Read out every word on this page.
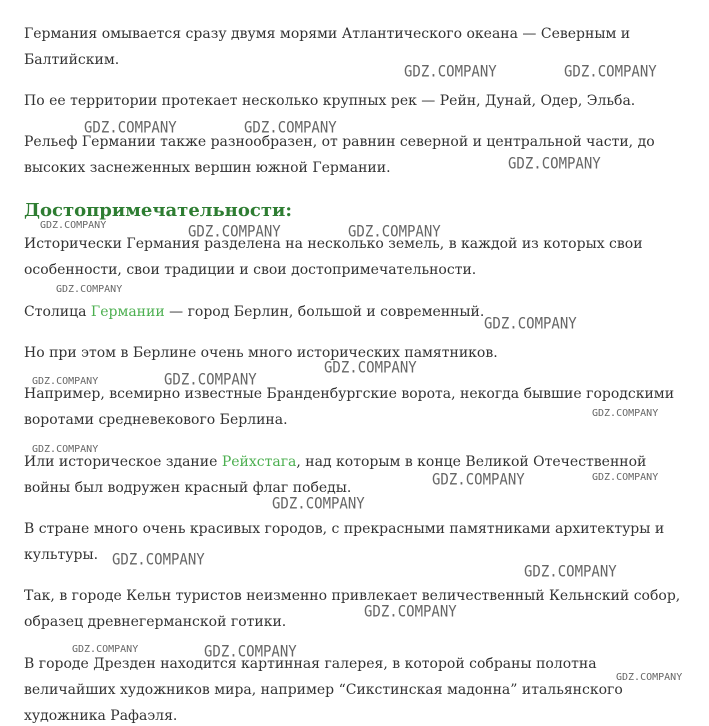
Германия омывается сразу двумя морями Атлантического океана — Северным и Балтийским.

По ее территории протекает несколько крупных рек — Рейн, Дунай, Одер, Эльба.

Рельеф Германии также разнообразен, от равнин северной и центральной части, до высоких заснеженных вершин южной Германии.

Достопримечательности:

Исторически Германия разделена на несколько земель, в каждой из которых свои особенности, свои традиции и свои достопримечательности.

Столица Германии — город Берлин, большой и современный.

Но при этом в Берлине очень много исторических памятников.

Например, всемирно известные Бранденбургские ворота, некогда бывшие городскими воротами средневекового Берлина.

Или историческое здание Рейхстага, над которым в конце Великой Отечественной войны был водружен красный флаг победы.

В стране много очень красивых городов, с прекрасными памятниками архитектуры и культуры.

Так, в городе Кельн туристов неизменно привлекает величественный Кельнский собор, образец древнегерманской готики.

В городе Дрезден находится картинная галерея, в которой собраны полотна величайших художников мира, например “Сикстинская мадонна” итальянского художника Рафаэля.

GDZ.COMPANY	GDZ.COMPANY
GDZ.COMPANY	GDZ.COMPANY
GDZ.COMPANY
GDZ.COMPANY	GDZ.COMPANY	GDZ.COMPANY
GDZ.COMPANY
GDZ.COMPANY
GDZ.COMPANY
GDZ.COMPANY	GDZ.COMPANY
GDZ.COMPANY
GDZ.COMPANY
GDZ.COMPANY	GDZ.COMPANY
GDZ.COMPANY
GDZ.COMPANY
GDZ.COMPANY
GDZ.COMPANY
GDZ.COMPANY	GDZ.COMPANY
GDZ.COMPANY
